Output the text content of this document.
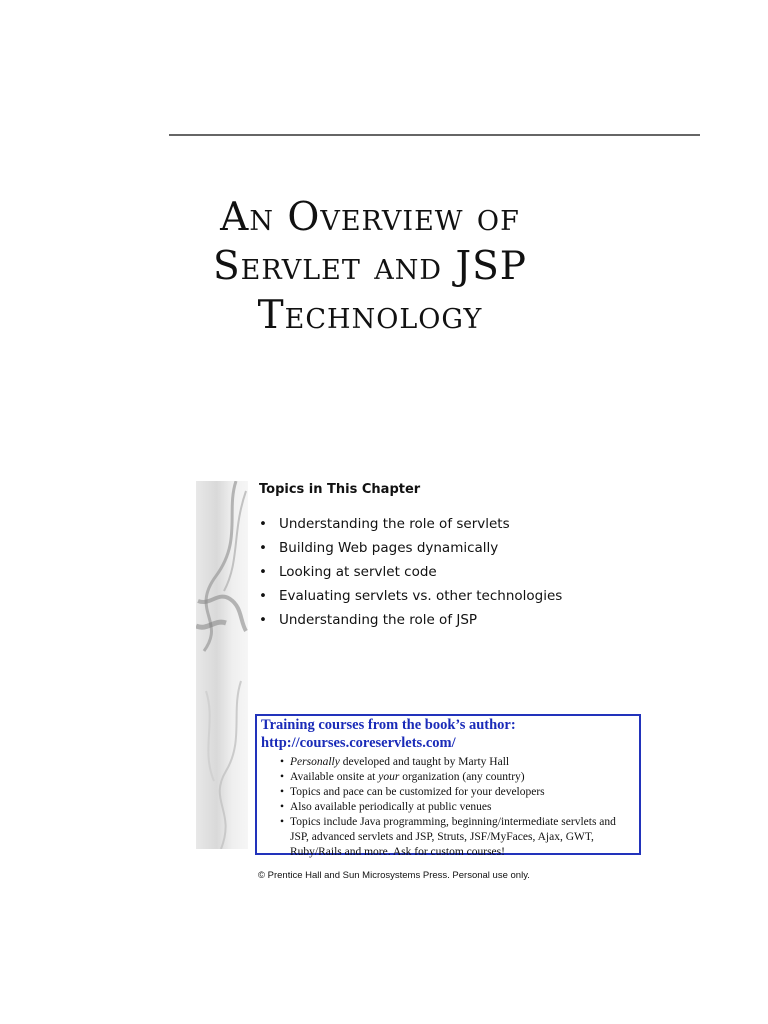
An Overview of
Servlet and JSP
Technology
Topics in This Chapter
• Understanding the role of servlets
• Building Web pages dynamically
• Looking at servlet code
• Evaluating servlets vs. other technologies
• Understanding the role of JSP
Training courses from the book’s author:
http://courses.coreservlets.com/
• Personally developed and taught by Marty Hall
• Available onsite at your organization (any country)
• Topics and pace can be customized for your developers
• Also available periodically at public venues
• Topics include Java programming, beginning/intermediate servlets and JSP, advanced servlets and JSP, Struts, JSF/MyFaces, Ajax, GWT, Ruby/Rails and more. Ask for custom courses!
© Prentice Hall and Sun Microsystems Press. Personal use only.
